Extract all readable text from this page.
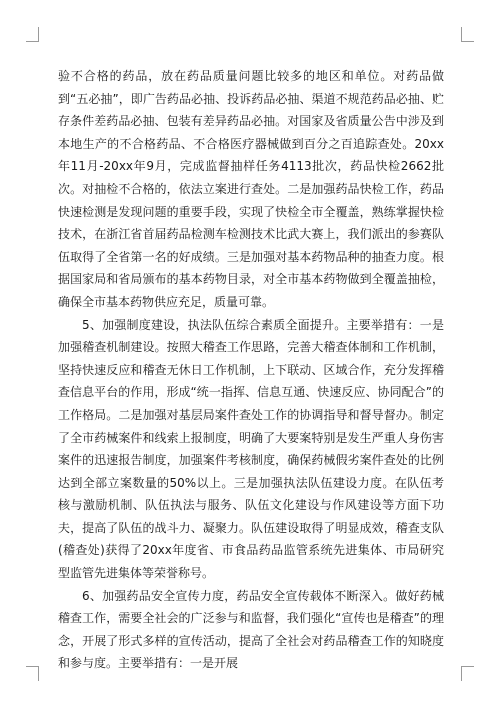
验不合格的药品，放在药品质量问题比较多的地区和单位。对药品做到“五必抽”，即广告药品必抽、投诉药品必抽、渠道不规范药品必抽、贮存条件差药品必抽、包装有差异药品必抽。对国家及省质量公告中涉及到本地生产的不合格药品、不合格医疗器械做到百分之百追踪查处。20xx年11月-20xx年9月，完成监督抽样任务4113批次，药品快检2662批次。对抽检不合格的，依法立案进行查处。二是加强药品快检工作，药品快速检测是发现问题的重要手段，实现了快检全市全覆盖，熟练掌握快检技术，在浙江省首届药品检测车检测技术比武大赛上，我们派出的参赛队伍取得了全省第一名的好成绩。三是加强对基本药物品种的抽查力度。根据国家局和省局颁布的基本药物目录，对全市基本药物做到全覆盖抽检，确保全市基本药物供应充足，质量可靠。

5、加强制度建设，执法队伍综合素质全面提升。主要举措有：一是加强稽查机制建设。按照大稽查工作思路，完善大稽查体制和工作机制，坚持快速反应和稽查无休日工作机制，上下联动、区域合作，充分发挥稽查信息平台的作用，形成“统一指挥、信息互通、快速反应、协同配合”的工作格局。二是加强对基层局案件查处工作的协调指导和督导督办。制定了全市药械案件和线索上报制度，明确了大要案特别是发生严重人身伤害案件的迅速报告制度，加强案件考核制度，确保药械假劣案件查处的比例达到全部立案数量的50%以上。三是加强执法队伍建设力度。在队伍考核与激励机制、队伍执法与服务、队伍文化建设与作风建设等方面下功夫，提高了队伍的战斗力、凝聚力。队伍建设取得了明显成效，稽查支队(稽查处)获得了20xx年度省、市食品药品监管系统先进集体、市局研究型监管先进集体等荣誉称号。

6、加强药品安全宣传力度，药品安全宣传载体不断深入。做好药械稽查工作，需要全社会的广泛参与和监督，我们强化“宣传也是稽查”的理念，开展了形式多样的宣传活动，提高了全社会对药品稽查工作的知晓度和参与度。主要举措有：一是开展
